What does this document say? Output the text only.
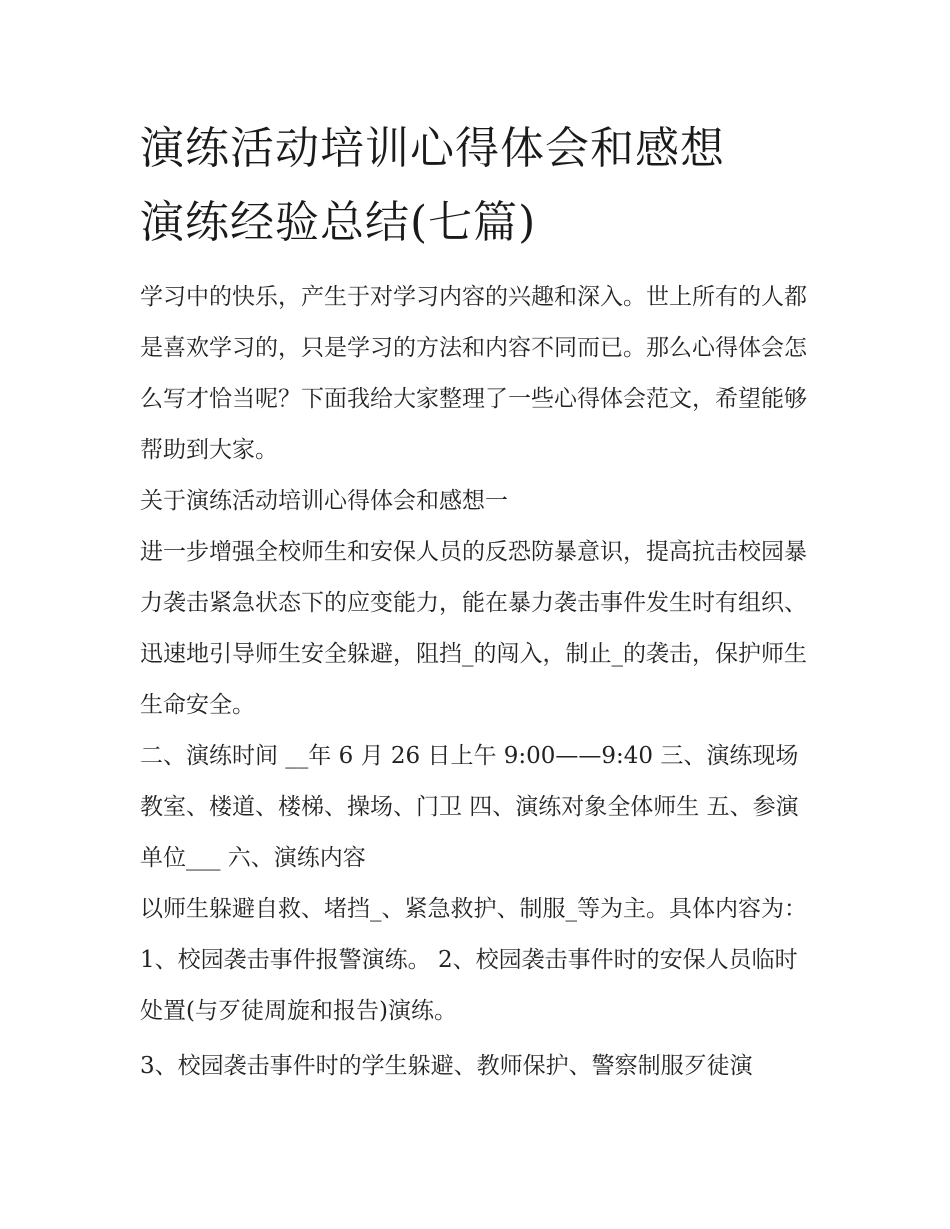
演练活动培训心得体会和感想
演练经验总结(七篇)

学习中的快乐，产生于对学习内容的兴趣和深入。世上所有的人都是喜欢学习的，只是学习的方法和内容不同而已。那么心得体会怎么写才恰当呢？下面我给大家整理了一些心得体会范文，希望能够帮助到大家。

关于演练活动培训心得体会和感想一

进一步增强全校师生和安保人员的反恐防暴意识，提高抗击校园暴力袭击紧急状态下的应变能力，能在暴力袭击事件发生时有组织、迅速地引导师生安全躲避，阻挡_的闯入，制止_的袭击，保护师生生命安全。

二、演练时间 __年 6 月 26 日上午 9:00——9:40 三、演练现场教室、楼道、楼梯、操场、门卫 四、演练对象全体师生 五、参演单位___ 六、演练内容

以师生躲避自救、堵挡_、紧急救护、制服_等为主。具体内容为： 1、校园袭击事件报警演练。 2、校园袭击事件时的安保人员临时处置(与歹徒周旋和报告)演练。

3、校园袭击事件时的学生躲避、教师保护、警察制服歹徒演
